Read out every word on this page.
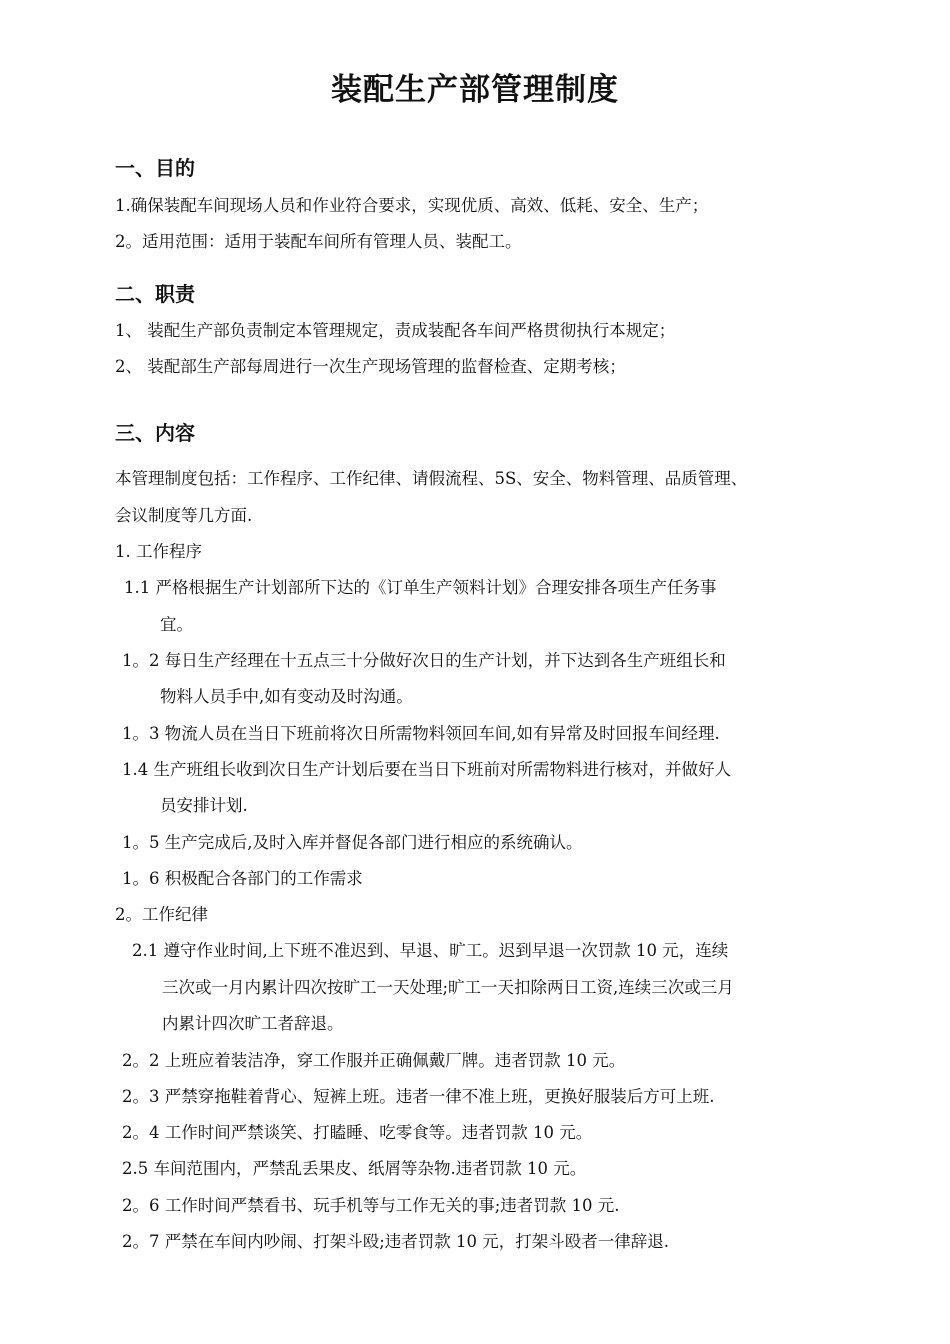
装配生产部管理制度
一、目的
1.确保装配车间现场人员和作业符合要求，实现优质、高效、低耗、安全、生产；
2。适用范围：适用于装配车间所有管理人员、装配工。
二、职责
1、 装配生产部负责制定本管理规定，责成装配各车间严格贯彻执行本规定；
2、 装配部生产部每周进行一次生产现场管理的监督检查、定期考核；
三、内容
本管理制度包括：工作程序、工作纪律、请假流程、5S、安全、物料管理、品质管理、
会议制度等几方面.
1. 工作程序
1.1 严格根据生产计划部所下达的《订单生产领料计划》合理安排各项生产任务事
宜。
1。2 每日生产经理在十五点三十分做好次日的生产计划，并下达到各生产班组长和
物料人员手中,如有变动及时沟通。
1。3 物流人员在当日下班前将次日所需物料领回车间,如有异常及时回报车间经理.
1.4 生产班组长收到次日生产计划后要在当日下班前对所需物料进行核对，并做好人
员安排计划.
1。5 生产完成后,及时入库并督促各部门进行相应的系统确认。
1。6 积极配合各部门的工作需求
2。工作纪律
2.1 遵守作业时间,上下班不准迟到、早退、旷工。迟到早退一次罚款 10 元，连续
三次或一月内累计四次按旷工一天处理;旷工一天扣除两日工资,连续三次或三月
内累计四次旷工者辞退。
2。2 上班应着装洁净，穿工作服并正确佩戴厂牌。违者罚款 10 元。
2。3 严禁穿拖鞋着背心、短裤上班。违者一律不准上班，更换好服装后方可上班.
2。4 工作时间严禁谈笑、打瞌睡、吃零食等。违者罚款 10 元。
2.5 车间范围内，严禁乱丢果皮、纸屑等杂物.违者罚款 10 元。
2。6 工作时间严禁看书、玩手机等与工作无关的事;违者罚款 10 元.
2。7 严禁在车间内吵闹、打架斗殴;违者罚款 10 元，打架斗殴者一律辞退.
